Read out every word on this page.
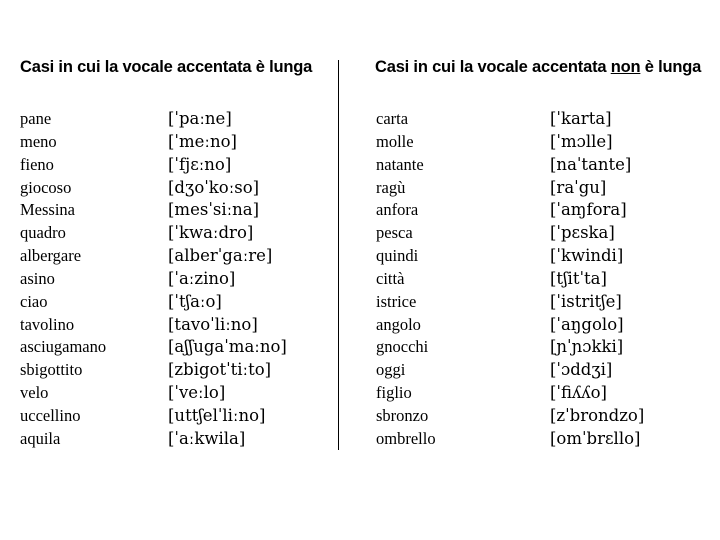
Casi in cui la vocale accentata è lunga	Casi in cui la vocale accentata non è lunga
pane
meno
fieno
giocoso
Messina
quadro
albergare
asino
ciao
tavolino
asciugamano
sbigottito
velo
uccellino
aquila
[ˈpaːne]
[ˈmeːno]
[ˈfjɛːno]
[dʒoˈkoːso]
[mesˈsiːna]
[ˈkwaːdro]
[alberˈgaːre]
[ˈaːzino]
[ˈtʃaːo]
[tavoˈliːno]
[aʃʃugaˈmaːno]
[zbigotˈtiːto]
[ˈveːlo]
[uttʃelˈliːno]
[ˈaːkwila]
carta
molle
natante
ragù
anfora
pesca
quindi
città
istrice
angolo
gnocchi
oggi
figlio
sbronzo
ombrello
[ˈkarta]
[ˈmɔlle]
[naˈtante]
[raˈgu]
[ˈaɱfora]
[ˈpɛska]
[ˈkwindi]
[tʃitˈta]
[ˈistritʃe]
[ˈaŋgolo]
[ɲˈɲɔkki]
[ˈɔddʒi]
[ˈfiʎʎo]
[zˈbrondzo]
[omˈbrɛllo]
